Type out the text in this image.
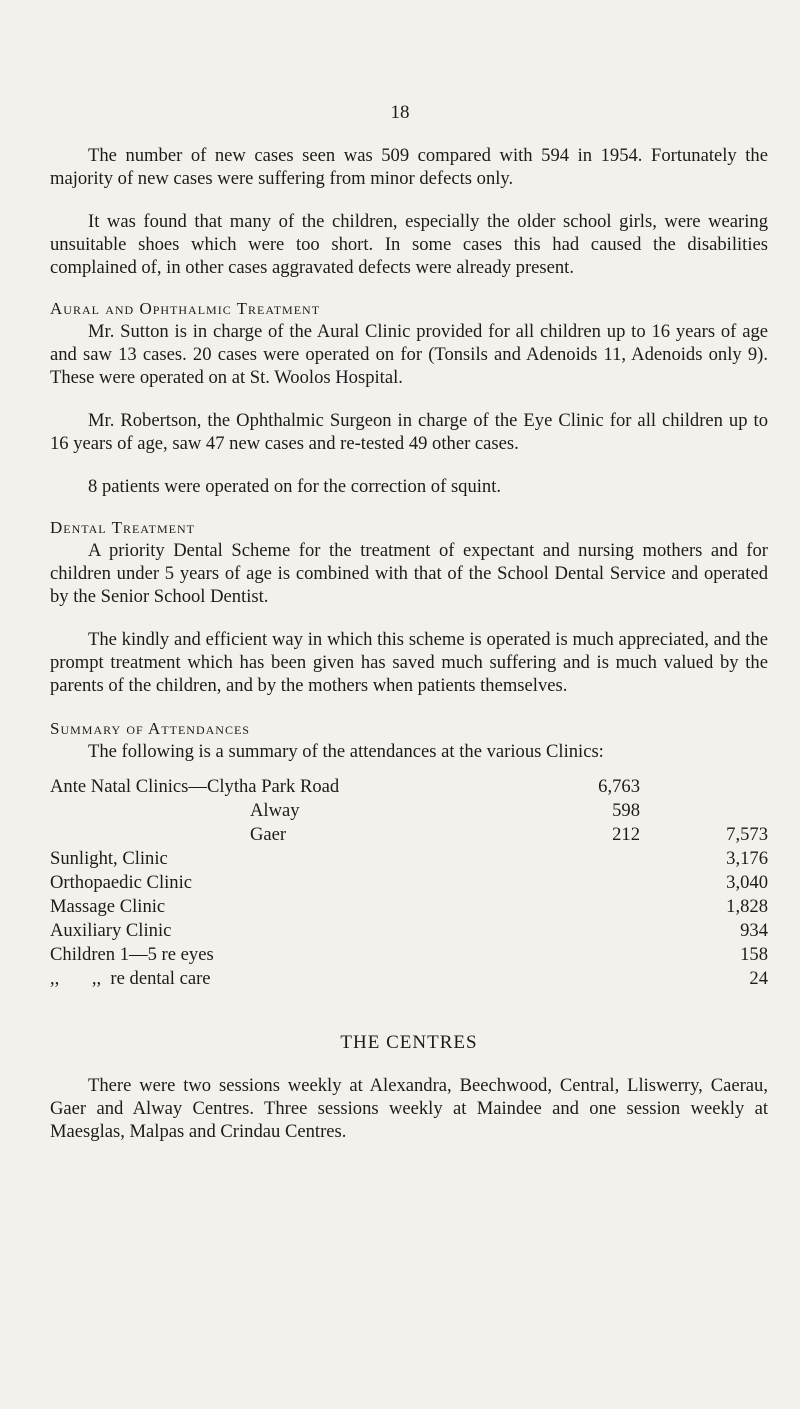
18

The number of new cases seen was 509 compared with 594 in 1954. Fortunately the majority of new cases were suffering from minor defects only.

It was found that many of the children, especially the older school girls, were wearing unsuitable shoes which were too short. In some cases this had caused the disabilities complained of, in other cases aggravated defects were already present.

Aural and Ophthalmic Treatment

Mr. Sutton is in charge of the Aural Clinic provided for all children up to 16 years of age and saw 13 cases. 20 cases were operated on for (Tonsils and Adenoids 11, Adenoids only 9). These were operated on at St. Woolos Hospital.

Mr. Robertson, the Ophthalmic Surgeon in charge of the Eye Clinic for all children up to 16 years of age, saw 47 new cases and re-tested 49 other cases.

8 patients were operated on for the correction of squint.

Dental Treatment

A priority Dental Scheme for the treatment of expectant and nursing mothers and for children under 5 years of age is combined with that of the School Dental Service and operated by the Senior School Dentist.

The kindly and efficient way in which this scheme is operated is much appreciated, and the prompt treatment which has been given has saved much suffering and is much valued by the parents of the children, and by the mothers when patients themselves.

Summary of Attendances

The following is a summary of the attendances at the various Clinics:

Ante Natal Clinics—Clytha Park Road	6,763	
Alway	598	
Gaer	212	7,573
Sunlight, Clinic		3,176
Orthopaedic Clinic		3,040
Massage Clinic		1,828
Auxiliary Clinic		934
Children 1—5 re eyes		158
,,       ,,  re dental care		24

THE CENTRES

There were two sessions weekly at Alexandra, Beechwood, Central, Lliswerry, Caerau, Gaer and Alway Centres. Three sessions weekly at Maindee and one session weekly at Maesglas, Malpas and Crindau Centres.
